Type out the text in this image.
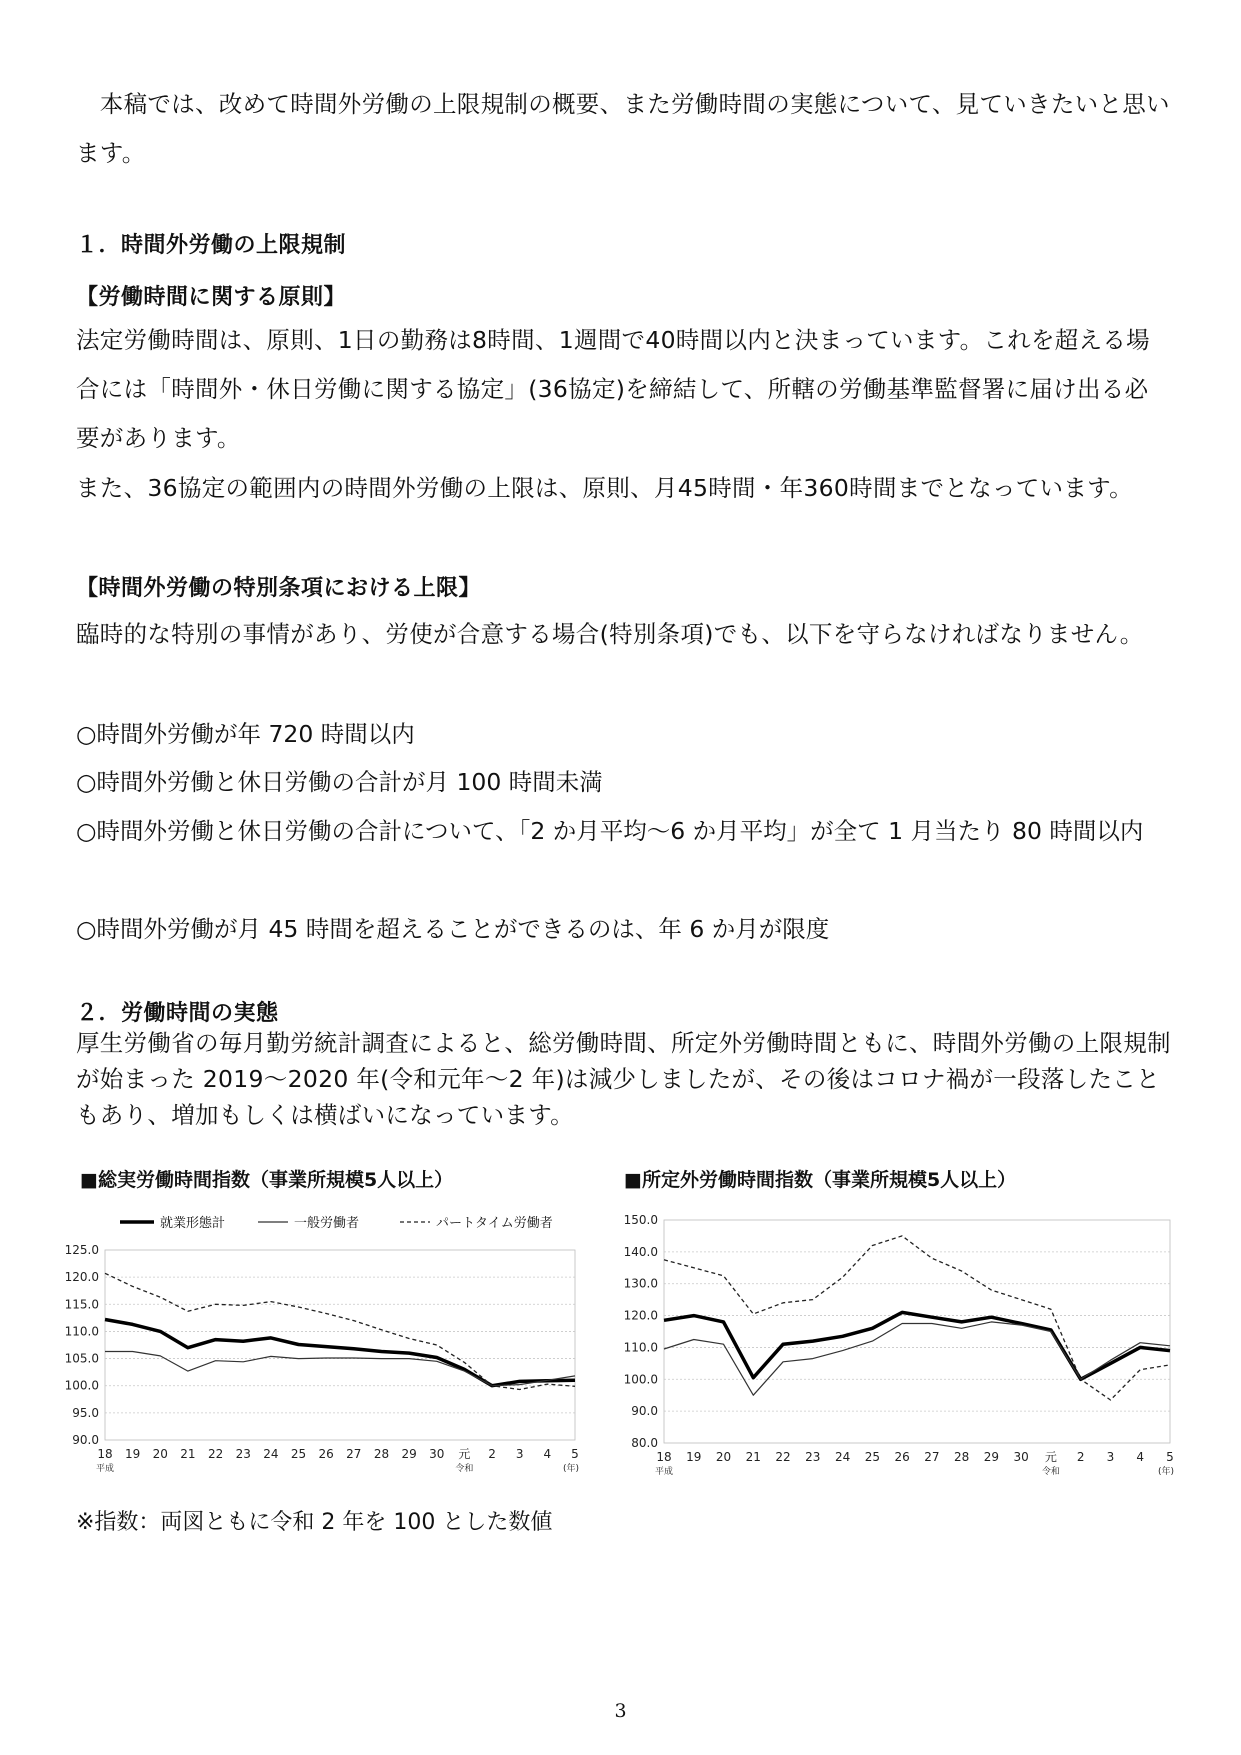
　本稿では、改めて時間外労働の上限規制の概要、また労働時間の実態について、見ていきたいと思います。

１．時間外労働の上限規制

【労働時間に関する原則】

法定労働時間は、原則、1日の勤務は8時間、1週間で40時間以内と決まっています。これを超える場合には「時間外・休日労働に関する協定」(36協定)を締結して、所轄の労働基準監督署に届け出る必要があります。

また、36協定の範囲内の時間外労働の上限は、原則、月45時間・年360時間までとなっています。

【時間外労働の特別条項における上限】

臨時的な特別の事情があり、労使が合意する場合(特別条項)でも、以下を守らなければなりません。

○時間外労働が年 720 時間以内

○時間外労働と休日労働の合計が月 100 時間未満

○時間外労働と休日労働の合計について、「2 か月平均～6 か月平均」が全て 1 月当たり 80 時間以内

○時間外労働が月 45 時間を超えることができるのは、年 6 か月が限度

２．労働時間の実態

厚生労働省の毎月勤労統計調査によると、総労働時間、所定外労働時間ともに、時間外労働の上限規制が始まった 2019～2020 年(令和元年～2 年)は減少しましたが、その後はコロナ禍が一段落したこともあり、増加もしくは横ばいになっています。

■総実労働時間指数（事業所規模5人以上）	■所定外労働時間指数（事業所規模5人以上）

90.0
95.0
100.0
105.0
110.0
115.0
120.0
125.0
18 19 20 21 22 23 24 25 26 27 28 29 30 元 2 3 4 5
平成	令和	(年)
就業形態計	一般労働者	パートタイム労働者
80.0
90.0
100.0
110.0
120.0
130.0
140.0
150.0
18 19 20 21 22 23 24 25 26 27 28 29 30 元 2 3 4 5
平成	令和	(年)

※指数：両図ともに令和 2 年を 100 とした数値

3
